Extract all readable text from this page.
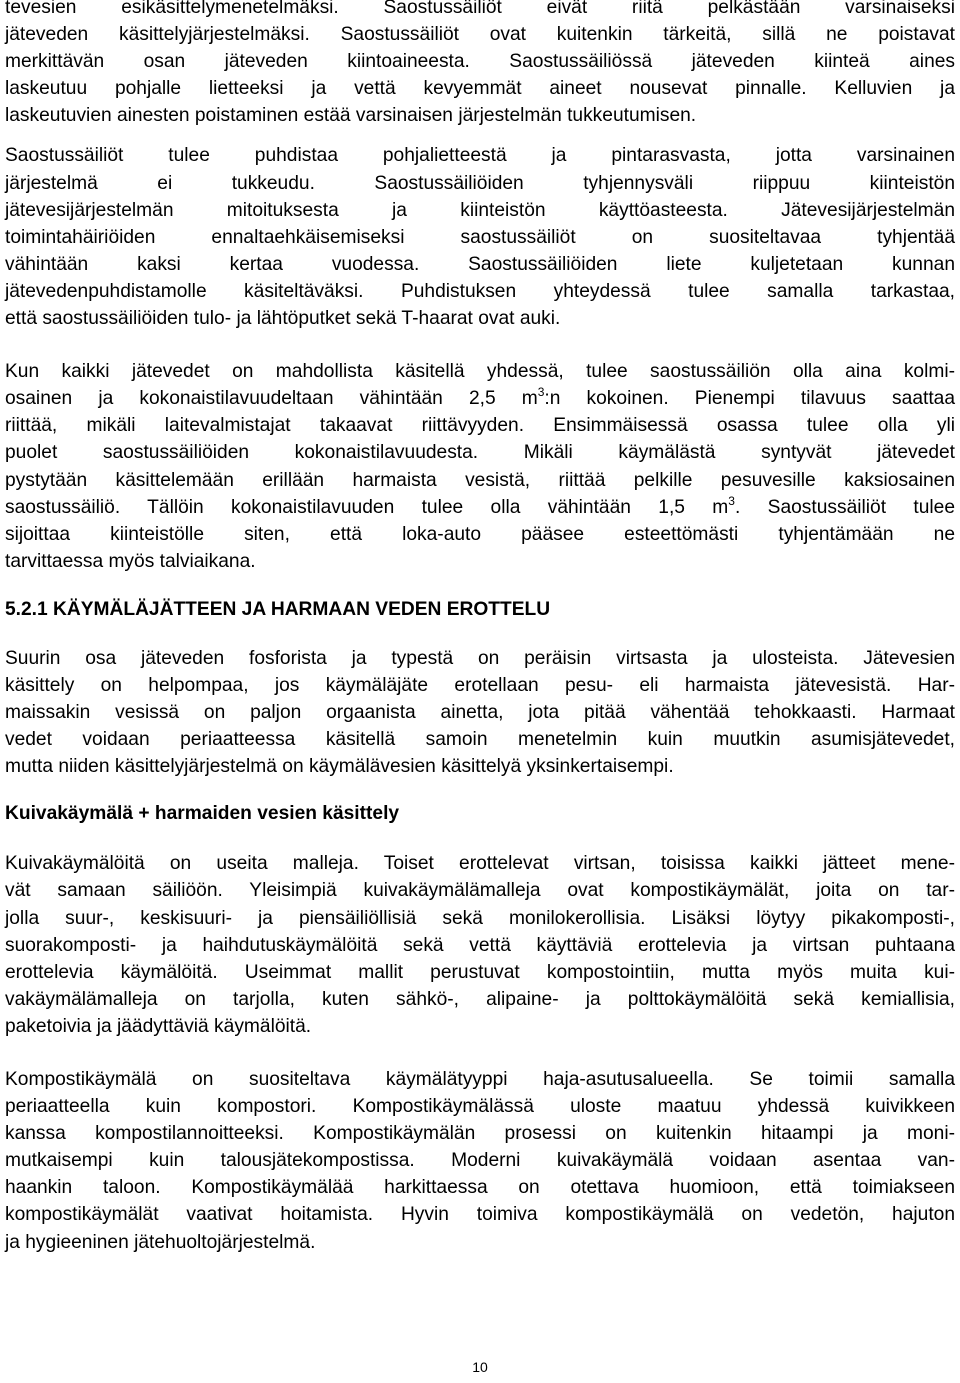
tevesien esikäsittelymenetelmäksi. Saostussäiliöt eivät riitä pelkästään varsinaiseksi
jäteveden käsittelyjärjestelmäksi. Saostussäiliöt ovat kuitenkin tärkeitä, sillä ne poistavat
merkittävän osan jäteveden kiintoaineesta. Saostussäiliössä jäteveden kiinteä aines
laskeutuu pohjalle lietteeksi ja vettä kevyemmät aineet nousevat pinnalle. Kelluvien ja
laskeutuvien ainesten poistaminen estää varsinaisen järjestelmän tukkeutumisen.

Saostussäiliöt tulee puhdistaa pohjalietteestä ja pintarasvasta, jotta varsinainen
järjestelmä ei tukkeudu. Saostussäiliöiden tyhjennysväli riippuu kiinteistön
jätevesijärjestelmän mitoituksesta ja kiinteistön käyttöasteesta. Jätevesijärjestelmän
toimintahäiriöiden ennaltaehkäisemiseksi saostussäiliöt on suositeltavaa tyhjentää
vähintään kaksi kertaa vuodessa. Saostussäiliöiden liete kuljetetaan kunnan
jätevedenpuhdistamolle käsiteltäväksi. Puhdistuksen yhteydessä tulee samalla tarkastaa,
että saostussäiliöiden tulo- ja lähtöputket sekä T-haarat ovat auki.

Kun kaikki jätevedet on mahdollista käsitellä yhdessä, tulee saostussäiliön olla aina kolmi-
osainen ja kokonaistilavuudeltaan vähintään 2,5 $m^3:n$ kokoinen. Pienempi tilavuus saattaa
riittää, mikäli laitevalmistajat takaavat riittävyyden. Ensimmäisessä osassa tulee olla yli
puolet saostussäiliöiden kokonaistilavuudesta. Mikäli käymälästä syntyvät jätevedet
pystytään käsittelemään erillään harmaista vesistä, riittää pelkille pesuvesille kaksiosainen
saostussäiliö. Tällöin kokonaistilavuuden tulee olla vähintään 1,5 $m^3$. Saostussäiliöt tulee
sijoittaa kiinteistölle siten, että loka-auto pääsee esteettömästi tyhjentämään ne
tarvittaessa myös talviaikana.

5.2.1 KÄYMÄLÄJÄTTEEN JA HARMAAN VEDEN EROTTELU

Suurin osa jäteveden fosforista ja typestä on peräisin virtsasta ja ulosteista. Jätevesien
käsittely on helpompaa, jos käymäläjäte erotellaan pesu- eli harmaista jätevesistä. Har-
maissakin vesissä on paljon orgaanista ainetta, jota pitää vähentää tehokkaasti. Harmaat
vedet voidaan periaatteessa käsitellä samoin menetelmin kuin muutkin asumisjätevedet,
mutta niiden käsittelyjärjestelmä on käymälävesien käsittelyä yksinkertaisempi.

Kuivakäymälä + harmaiden vesien käsittely

Kuivakäymälöitä on useita malleja. Toiset erottelevat virtsan, toisissa kaikki jätteet mene-
vät samaan säiliöön. Yleisimpiä kuivakäymälämalleja ovat kompostikäymälät, joita on tar-
jolla suur-, keskisuuri- ja piensäiliöllisiä sekä monilokerollisia. Lisäksi löytyy pikakomposti-,
suorakomposti- ja haihdutuskäymälöitä sekä vettä käyttäviä erottelevia ja virtsan puhtaana
erottelevia käymälöitä. Useimmat mallit perustuvat kompostointiin, mutta myös muita kui-
vakäymälämalleja on tarjolla, kuten sähkö-, alipaine- ja polttokäymälöitä sekä kemiallisia,
paketoivia ja jäädyttäviä käymälöitä.

Kompostikäymälä on suositeltava käymälätyyppi haja-asutusalueella. Se toimii samalla
periaatteella kuin kompostori. Kompostikäymälässä uloste maatuu yhdessä kuivikkeen
kanssa kompostilannoitteeksi. Kompostikäymälän prosessi on kuitenkin hitaampi ja moni-
mutkaisempi kuin talousjätekompostissa. Moderni kuivakäymälä voidaan asentaa van-
haankin taloon. Kompostikäymälää harkittaessa on otettava huomioon, että toimiakseen
kompostikäymälät vaativat hoitamista. Hyvin toimiva kompostikäymälä on vedetön, hajuton
ja hygieeninen jätehuoltojärjestelmä.

10
